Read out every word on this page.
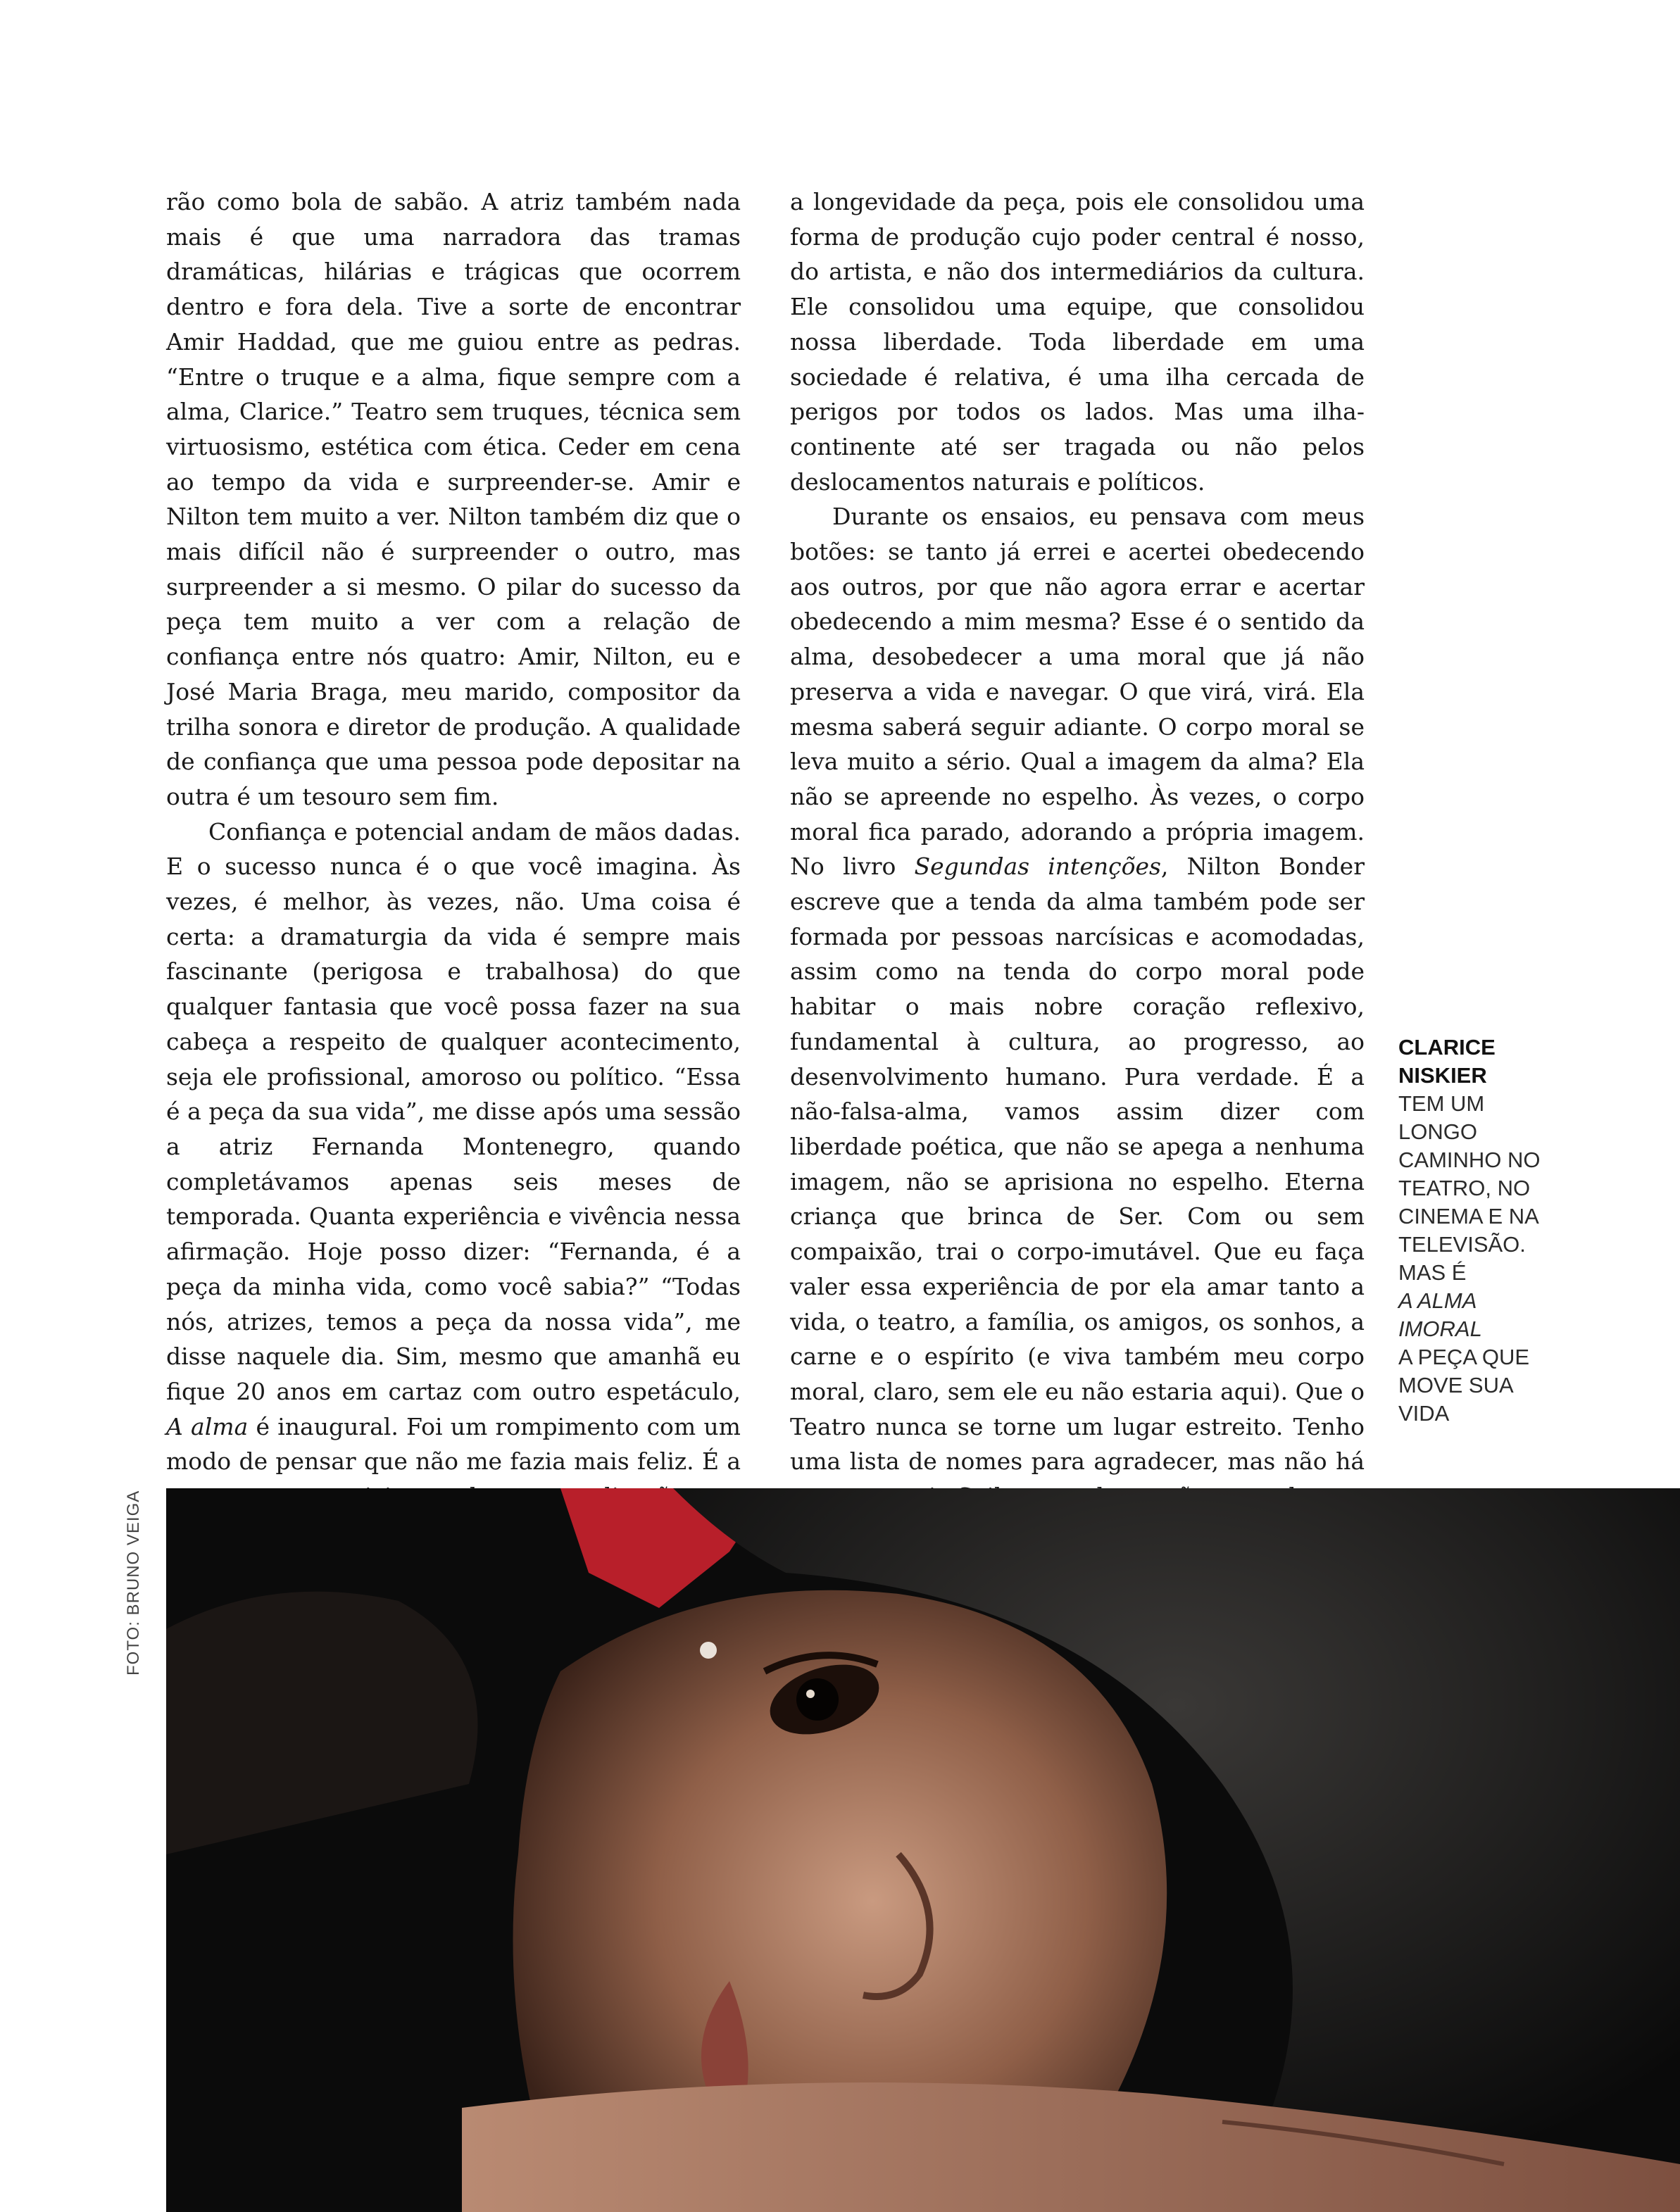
rão como bola de sabão. A atriz também nada mais é que uma narradora das tramas dramáticas, hilárias e trágicas que ocorrem dentro e fora dela. Tive a sorte de encontrar Amir Haddad, que me guiou entre as pedras. “Entre o truque e a alma, fique sempre com a alma, Clarice.” Teatro sem truques, técnica sem virtuosismo, estética com ética. Ceder em cena ao tempo da vida e surpreender-se. Amir e Nilton tem muito a ver. Nilton também diz que o mais difícil não é surpreender o outro, mas surpreender a si mesmo. O pilar do sucesso da peça tem muito a ver com a relação de confiança entre nós quatro: Amir, Nilton, eu e José Maria Braga, meu marido, compositor da trilha sonora e diretor de produção. A qualidade de confiança que uma pessoa pode depositar na outra é um tesouro sem fim.

Confiança e potencial andam de mãos dadas. E o sucesso nunca é o que você imagina. Às vezes, é melhor, às vezes, não. Uma coisa é certa: a dramaturgia da vida é sempre mais fascinante (perigosa e trabalhosa) do que qualquer fantasia que você possa fazer na sua cabeça a respeito de qualquer acontecimento, seja ele profissional, amoroso ou político. “Essa é a peça da sua vida”, me disse após uma sessão a atriz Fernanda Montenegro, quando completávamos apenas seis meses de temporada. Quanta experiência e vivência nessa afirmação. Hoje posso dizer: “Fernanda, é a peça da minha vida, como você sabia?” “Todas nós, atrizes, temos a peça da nossa vida”, me disse naquele dia. Sim, mesmo que amanhã eu fique 20 anos em cartaz com outro espetáculo, A alma é inaugural. Foi um rompimento com um modo de pensar que não me fazia mais feliz. É a

a longevidade da peça, pois ele consolidou uma forma de produção cujo poder central é nosso, do artista, e não dos intermediários da cultura. Ele consolidou uma equipe, que consolidou nossa liberdade. Toda liberdade em uma sociedade é relativa, é uma ilha cercada de perigos por todos os lados. Mas uma ilha-continente até ser tragada ou não pelos deslocamentos naturais e políticos.

Durante os ensaios, eu pensava com meus botões: se tanto já errei e acertei obedecendo aos outros, por que não agora errar e acertar obedecendo a mim mesma? Esse é o sentido da alma, desobedecer a uma moral que já não preserva a vida e navegar. O que virá, virá. Ela mesma saberá seguir adiante. O corpo moral se leva muito a sério. Qual a imagem da alma? Ela não se apreende no espelho. Às vezes, o corpo moral fica parado, adorando a própria imagem. No livro Segundas intenções, Nilton Bonder escreve que a tenda da alma também pode ser formada por pessoas narcísicas e acomodadas, assim como na tenda do corpo moral pode habitar o mais nobre coração reflexivo, fundamental à cultura, ao progresso, ao desenvolvimento humano. Pura verdade. É a não-falsa-alma, vamos assim dizer com liberdade poética, que não se apega a nenhuma imagem, não se aprisiona no espelho. Eterna criança que brinca de Ser. Com ou sem compaixão, trai o corpo-imutável. Que eu faça valer essa experiência de por ela amar tanto a vida, o teatro, a família, os amigos, os sonhos, a carne e o espírito (e viva também meu corpo moral, claro, sem ele eu não estaria aqui). Que o Teatro nunca se torne um lugar estreito. Tenho uma lista de nomes para agradecer, mas não há

CLARICE NISKIER
TEM UM LONGO CAMINHO NO TEATRO, NO CINEMA E NA TELEVISÃO. MAS É
A ALMA IMORAL
A PEÇA QUE MOVE SUA VIDA
FOTO: BRUNO VEIGA
